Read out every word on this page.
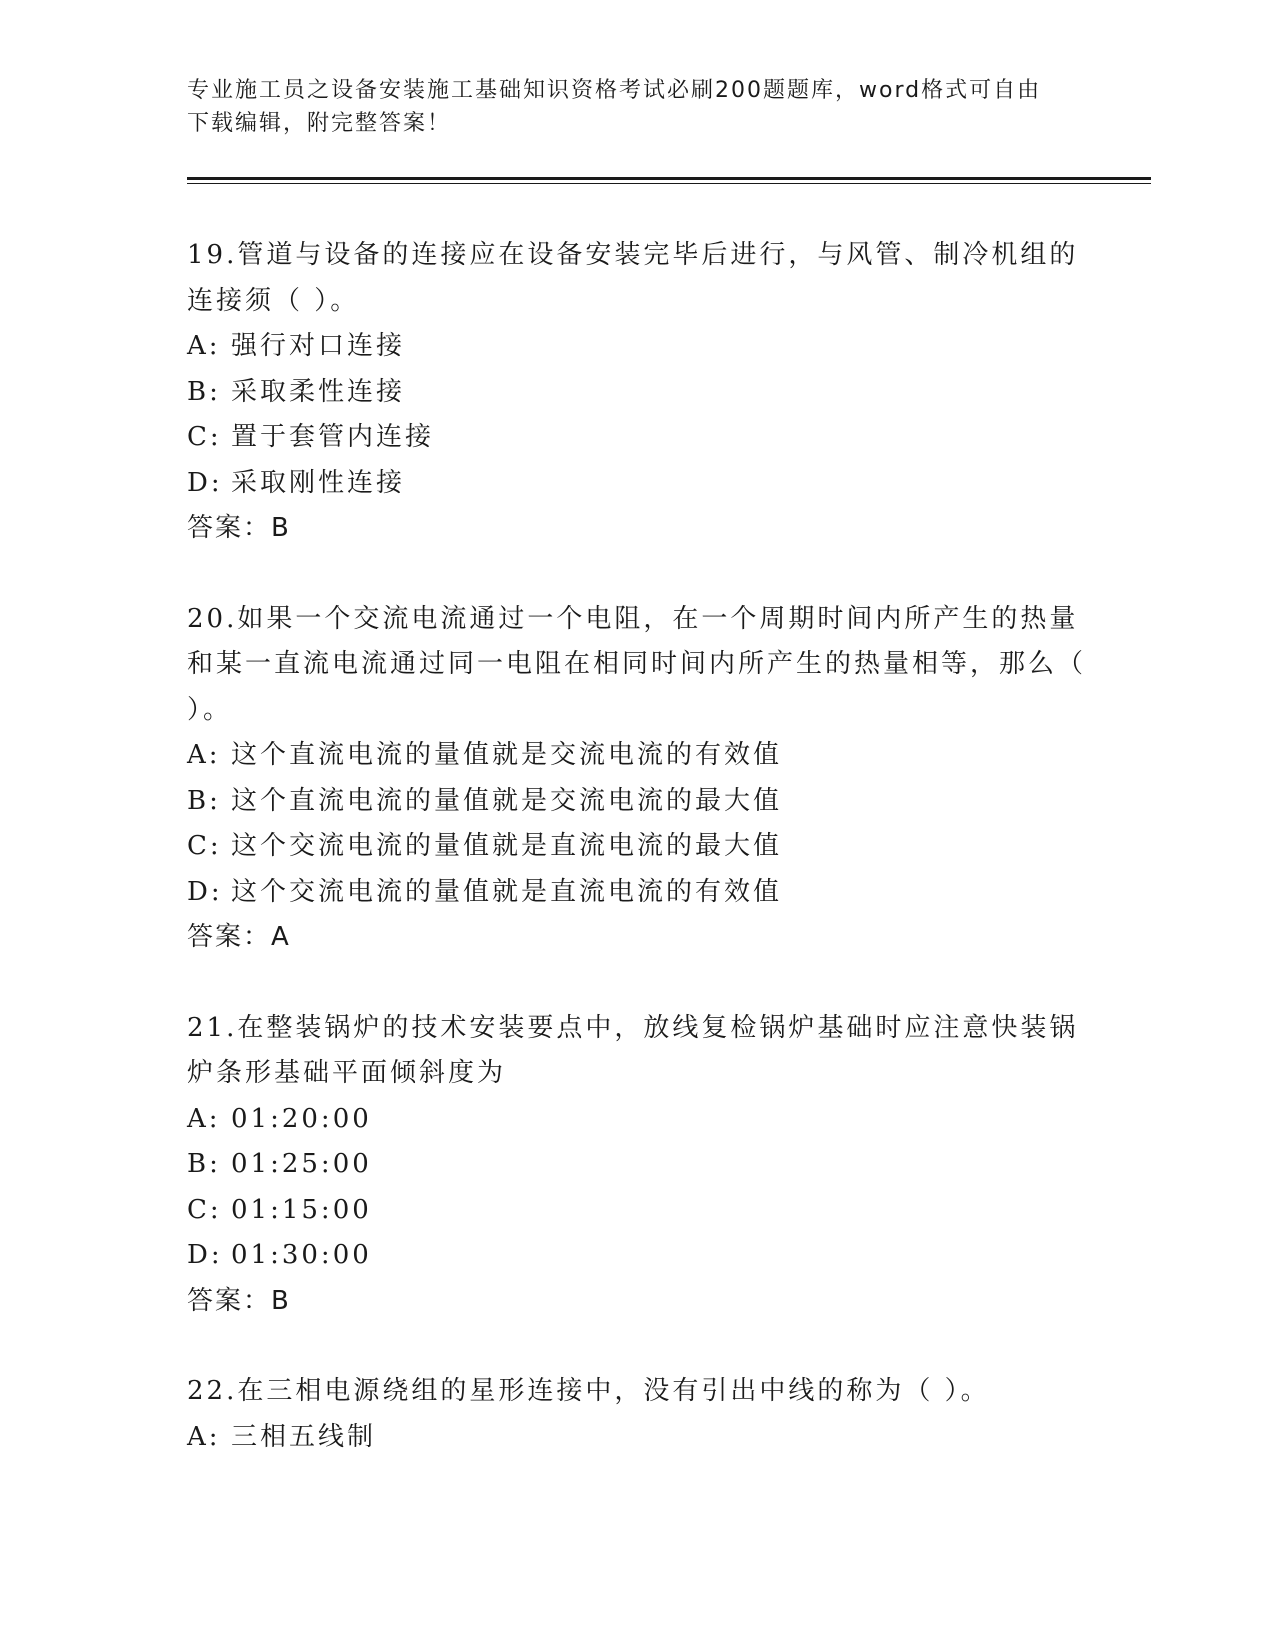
专业施工员之设备安装施工基础知识资格考试必刷200题题库，word格式可自由
下载编辑，附完整答案！
19.管道与设备的连接应在设备安装完毕后进行，与风管、制冷机组的连接须（ ）。
A: 强行对口连接
B: 采取柔性连接
C: 置于套管内连接
D: 采取刚性连接
答案：B
20.如果一个交流电流通过一个电阻，在一个周期时间内所产生的热量和某一直流电流通过同一电阻在相同时间内所产生的热量相等，那么（ ）。
A: 这个直流电流的量值就是交流电流的有效值
B: 这个直流电流的量值就是交流电流的最大值
C: 这个交流电流的量值就是直流电流的最大值
D: 这个交流电流的量值就是直流电流的有效值
答案：A
21.在整装锅炉的技术安装要点中，放线复检锅炉基础时应注意快装锅炉条形基础平面倾斜度为
A: 01:20:00
B: 01:25:00
C: 01:15:00
D: 01:30:00
答案：B
22.在三相电源绕组的星形连接中，没有引出中线的称为（ ）。
A: 三相五线制
